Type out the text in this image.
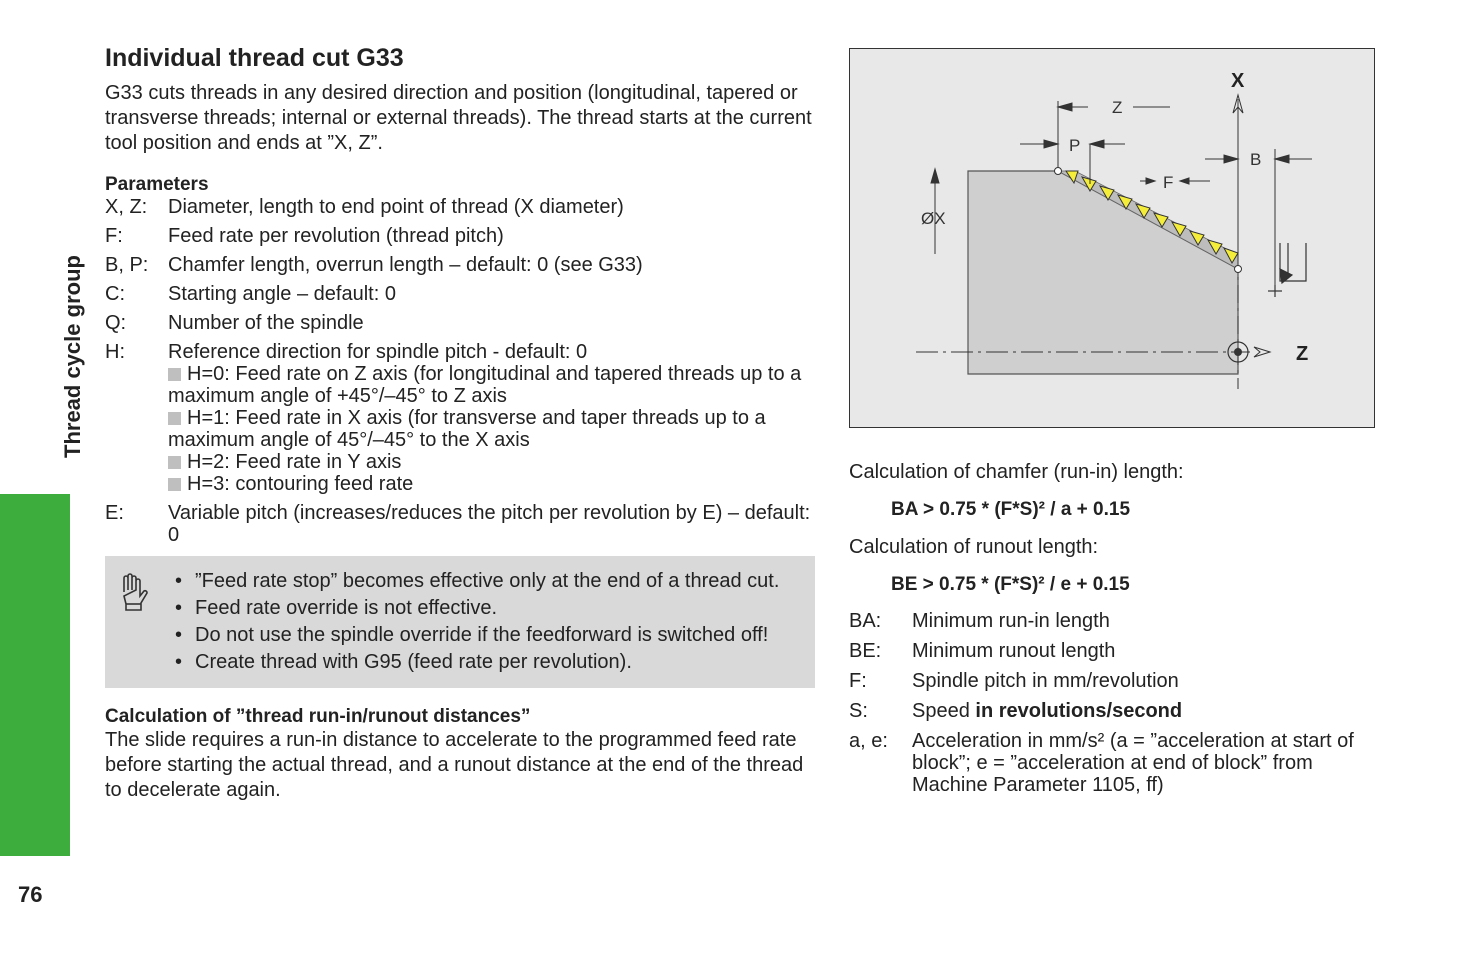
Thread cycle group
76
Individual thread cut G33

G33 cuts threads in any desired direction and position (longitudinal, tapered or transverse threads; internal or external threads). The thread starts at the current tool position and ends at ”X, Z”.

Parameters
X, Z:	Diameter, length to end point of thread (X diameter)
F:	Feed rate per revolution (thread pitch)
B, P: Chamfer length, overrun length – default: 0 (see G33)
C:	Starting angle – default: 0
Q:	Number of the spindle
H:	Reference direction for spindle pitch - default: 0
H=0: Feed rate on Z axis (for longitudinal and tapered threads up to a maximum angle of +45°/–45° to Z axis
H=1: Feed rate in X axis (for transverse and taper threads up to a maximum angle of 45°/–45° to the X axis
H=2: Feed rate in Y axis
H=3: contouring feed rate
E:	Variable pitch (increases/reduces the pitch per revolution by E) – default: 0
• ”Feed rate stop” becomes effective only at the end of a thread cut.
• Feed rate override is not effective.
• Do not use the spindle override if the feedforward is switched off!
• Create thread with G95 (feed rate per revolution).
Calculation of ”thread run-in/runout distances”

The slide requires a run-in distance to accelerate to the programmed feed rate before starting the actual thread, and a runout distance at the end of the thread to decelerate again.

X
Z
Z
P
F
B
ØX
Calculation of chamfer (run-in) length:
BA > 0.75 * (F*S)² / a + 0.15
Calculation of runout length:
BE > 0.75 * (F*S)² / e + 0.15
BA:	Minimum run-in length
BE:	Minimum runout length
F:	Spindle pitch in mm/revolution
S:	Speed in revolutions/second
a, e:	Acceleration in mm/s² (a = ”acceleration at start of block”; e = ”acceleration at end of block” from Machine Parameter 1105, ff)
